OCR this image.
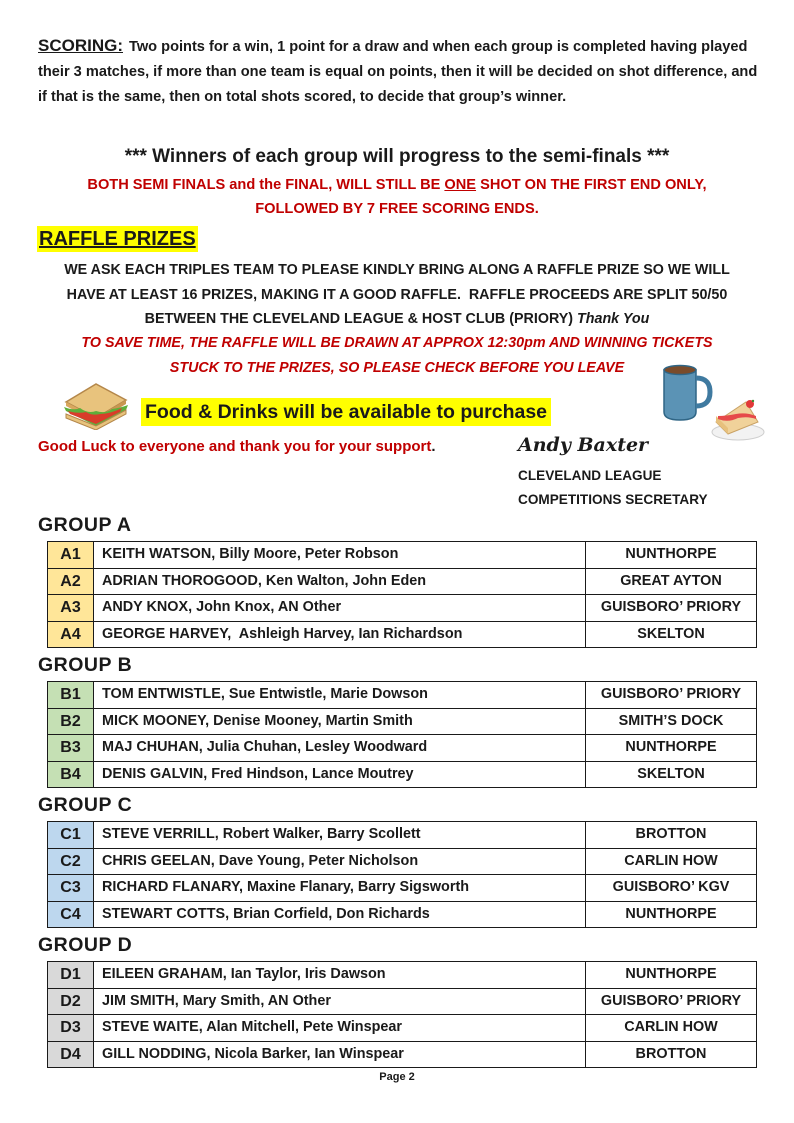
SCORING: Two points for a win, 1 point for a draw and when each group is completed having played their 3 matches, if more than one team is equal on points, then it will be decided on shot difference, and if that is the same, then on total shots scored, to decide that group’s winner.
*** Winners of each group will progress to the semi-finals ***
BOTH SEMI FINALS and the FINAL, WILL STILL BE ONE SHOT ON THE FIRST END ONLY,
FOLLOWED BY 7 FREE SCORING ENDS.
RAFFLE PRIZES
WE ASK EACH TRIPLES TEAM TO PLEASE KINDLY BRING ALONG A RAFFLE PRIZE SO WE WILL
HAVE AT LEAST 16 PRIZES, MAKING IT A GOOD RAFFLE.  RAFFLE PROCEEDS ARE SPLIT 50/50
BETWEEN THE CLEVELAND LEAGUE & HOST CLUB (PRIORY) Thank You
TO SAVE TIME, THE RAFFLE WILL BE DRAWN AT APPROX 12:30pm AND WINNING TICKETS
STUCK TO THE PRIZES, SO PLEASE CHECK BEFORE YOU LEAVE
Food & Drinks will be available to purchase
Good Luck to everyone and thank you for your support.	Andy Baxter
CLEVELAND LEAGUE
COMPETITIONS SECRETARY
GROUP A
A1	KEITH WATSON, Billy Moore, Peter Robson	NUNTHORPE
A2	ADRIAN THOROGOOD, Ken Walton, John Eden	GREAT AYTON
A3	ANDY KNOX, John Knox, AN Other	GUISBORO’ PRIORY
A4	GEORGE HARVEY,  Ashleigh Harvey, Ian Richardson	SKELTON
GROUP B
B1	TOM ENTWISTLE, Sue Entwistle, Marie Dowson	GUISBORO’ PRIORY
B2	MICK MOONEY, Denise Mooney, Martin Smith	SMITH’S DOCK
B3	MAJ CHUHAN, Julia Chuhan, Lesley Woodward	NUNTHORPE
B4	DENIS GALVIN, Fred Hindson, Lance Moutrey	SKELTON
GROUP C
C1	STEVE VERRILL, Robert Walker, Barry Scollett	BROTTON
C2	CHRIS GEELAN, Dave Young, Peter Nicholson	CARLIN HOW
C3	RICHARD FLANARY, Maxine Flanary, Barry Sigsworth	GUISBORO’ KGV
C4	STEWART COTTS, Brian Corfield, Don Richards	NUNTHORPE
GROUP D
D1	EILEEN GRAHAM, Ian Taylor, Iris Dawson	NUNTHORPE
D2	JIM SMITH, Mary Smith, AN Other	GUISBORO’ PRIORY
D3	STEVE WAITE, Alan Mitchell, Pete Winspear	CARLIN HOW
D4	GILL NODDING, Nicola Barker, Ian Winspear	BROTTON
Page 2
